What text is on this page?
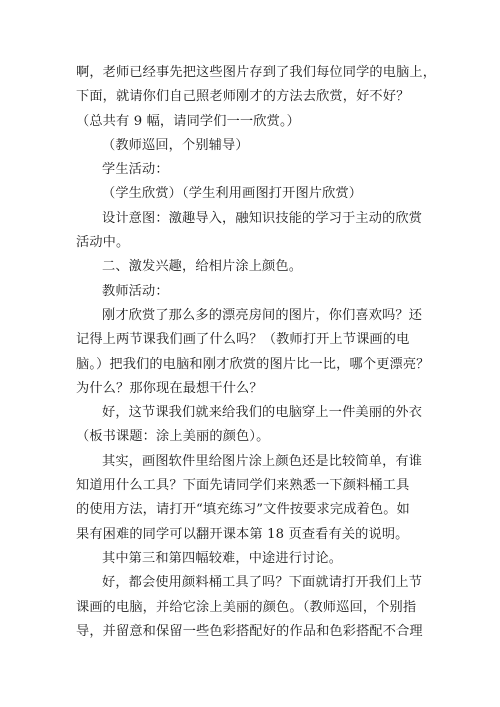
啊，老师已经事先把这些图片存到了我们每位同学的电脑上，
下面，就请你们自己照老师刚才的方法去欣赏，好不好？
（总共有 9 幅，请同学们一一欣赏。）
（教师巡回，个别辅导）
学生活动：
（学生欣赏）（学生利用画图打开图片欣赏）
设计意图：激趣导入，融知识技能的学习于主动的欣赏
活动中。
二、激发兴趣，给相片涂上颜色。
教师活动：
刚才欣赏了那么多的漂亮房间的图片，你们喜欢吗？还
记得上两节课我们画了什么吗？（教师打开上节课画的电
脑。）把我们的电脑和刚才欣赏的图片比一比，哪个更漂亮？
为什么？那你现在最想干什么？
好，这节课我们就来给我们的电脑穿上一件美丽的外衣
（板书课题：涂上美丽的颜色）。
其实，画图软件里给图片涂上颜色还是比较简单，有谁
知道用什么工具？下面先请同学们来熟悉一下颜料桶工具
的使用方法，请打开“填充练习”文件按要求完成着色。如
果有困难的同学可以翻开课本第 18 页查看有关的说明。
其中第三和第四幅较难，中途进行讨论。
好，都会使用颜料桶工具了吗？下面就请打开我们上节
课画的电脑，并给它涂上美丽的颜色。（教师巡回，个别指
导，并留意和保留一些色彩搭配好的作品和色彩搭配不合理
